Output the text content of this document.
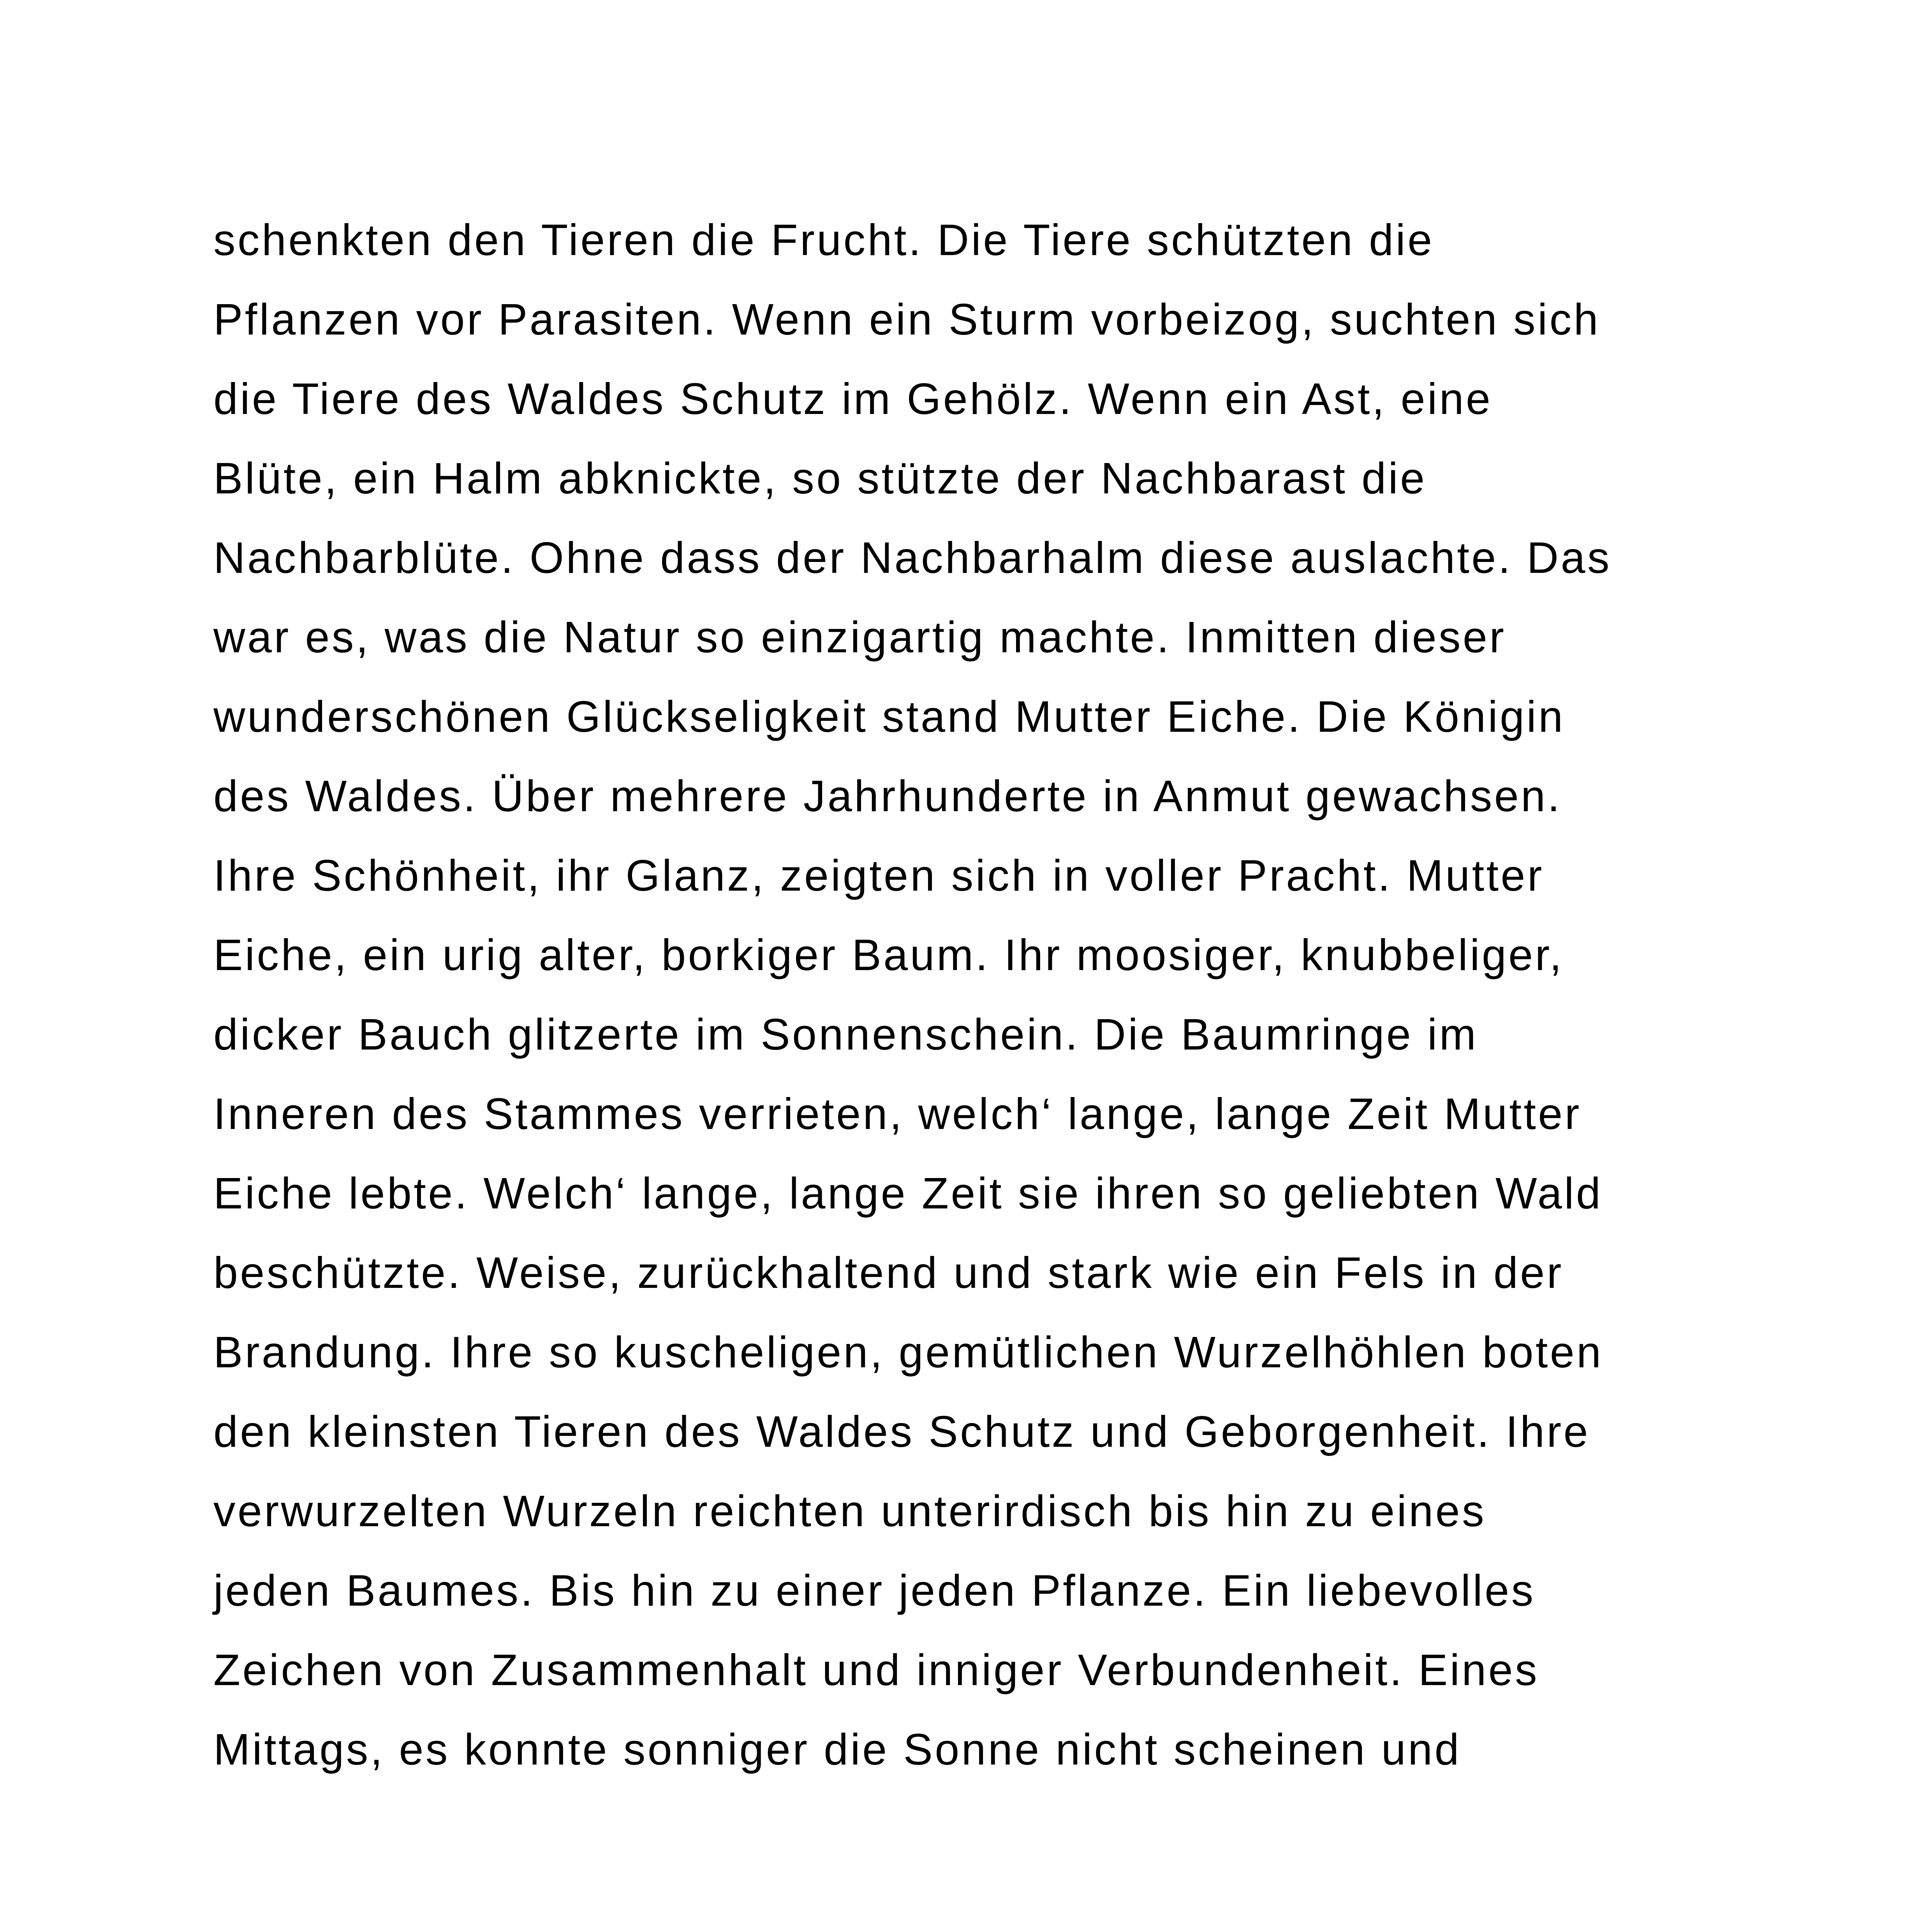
schenkten den Tieren die Frucht. Die Tiere schützten die
Pflanzen vor Parasiten. Wenn ein Sturm vorbeizog, suchten sich
die Tiere des Waldes Schutz im Gehölz. Wenn ein Ast, eine
Blüte, ein Halm abknickte, so stützte der Nachbarast die
Nachbarblüte. Ohne dass der Nachbarhalm diese auslachte. Das
war es, was die Natur so einzigartig machte. Inmitten dieser
wunderschönen Glückseligkeit stand Mutter Eiche. Die Königin
des Waldes. Über mehrere Jahrhunderte in Anmut gewachsen.
Ihre Schönheit, ihr Glanz, zeigten sich in voller Pracht. Mutter
Eiche, ein urig alter, borkiger Baum. Ihr moosiger, knubbeliger,
dicker Bauch glitzerte im Sonnenschein. Die Baumringe im
Inneren des Stammes verrieten, welch‘ lange, lange Zeit Mutter
Eiche lebte. Welch‘ lange, lange Zeit sie ihren so geliebten Wald
beschützte. Weise, zurückhaltend und stark wie ein Fels in der
Brandung. Ihre so kuscheligen, gemütlichen Wurzelhöhlen boten
den kleinsten Tieren des Waldes Schutz und Geborgenheit. Ihre
verwurzelten Wurzeln reichten unterirdisch bis hin zu eines
jeden Baumes. Bis hin zu einer jeden Pflanze. Ein liebevolles
Zeichen von Zusammenhalt und inniger Verbundenheit. Eines
Mittags, es konnte sonniger die Sonne nicht scheinen und
